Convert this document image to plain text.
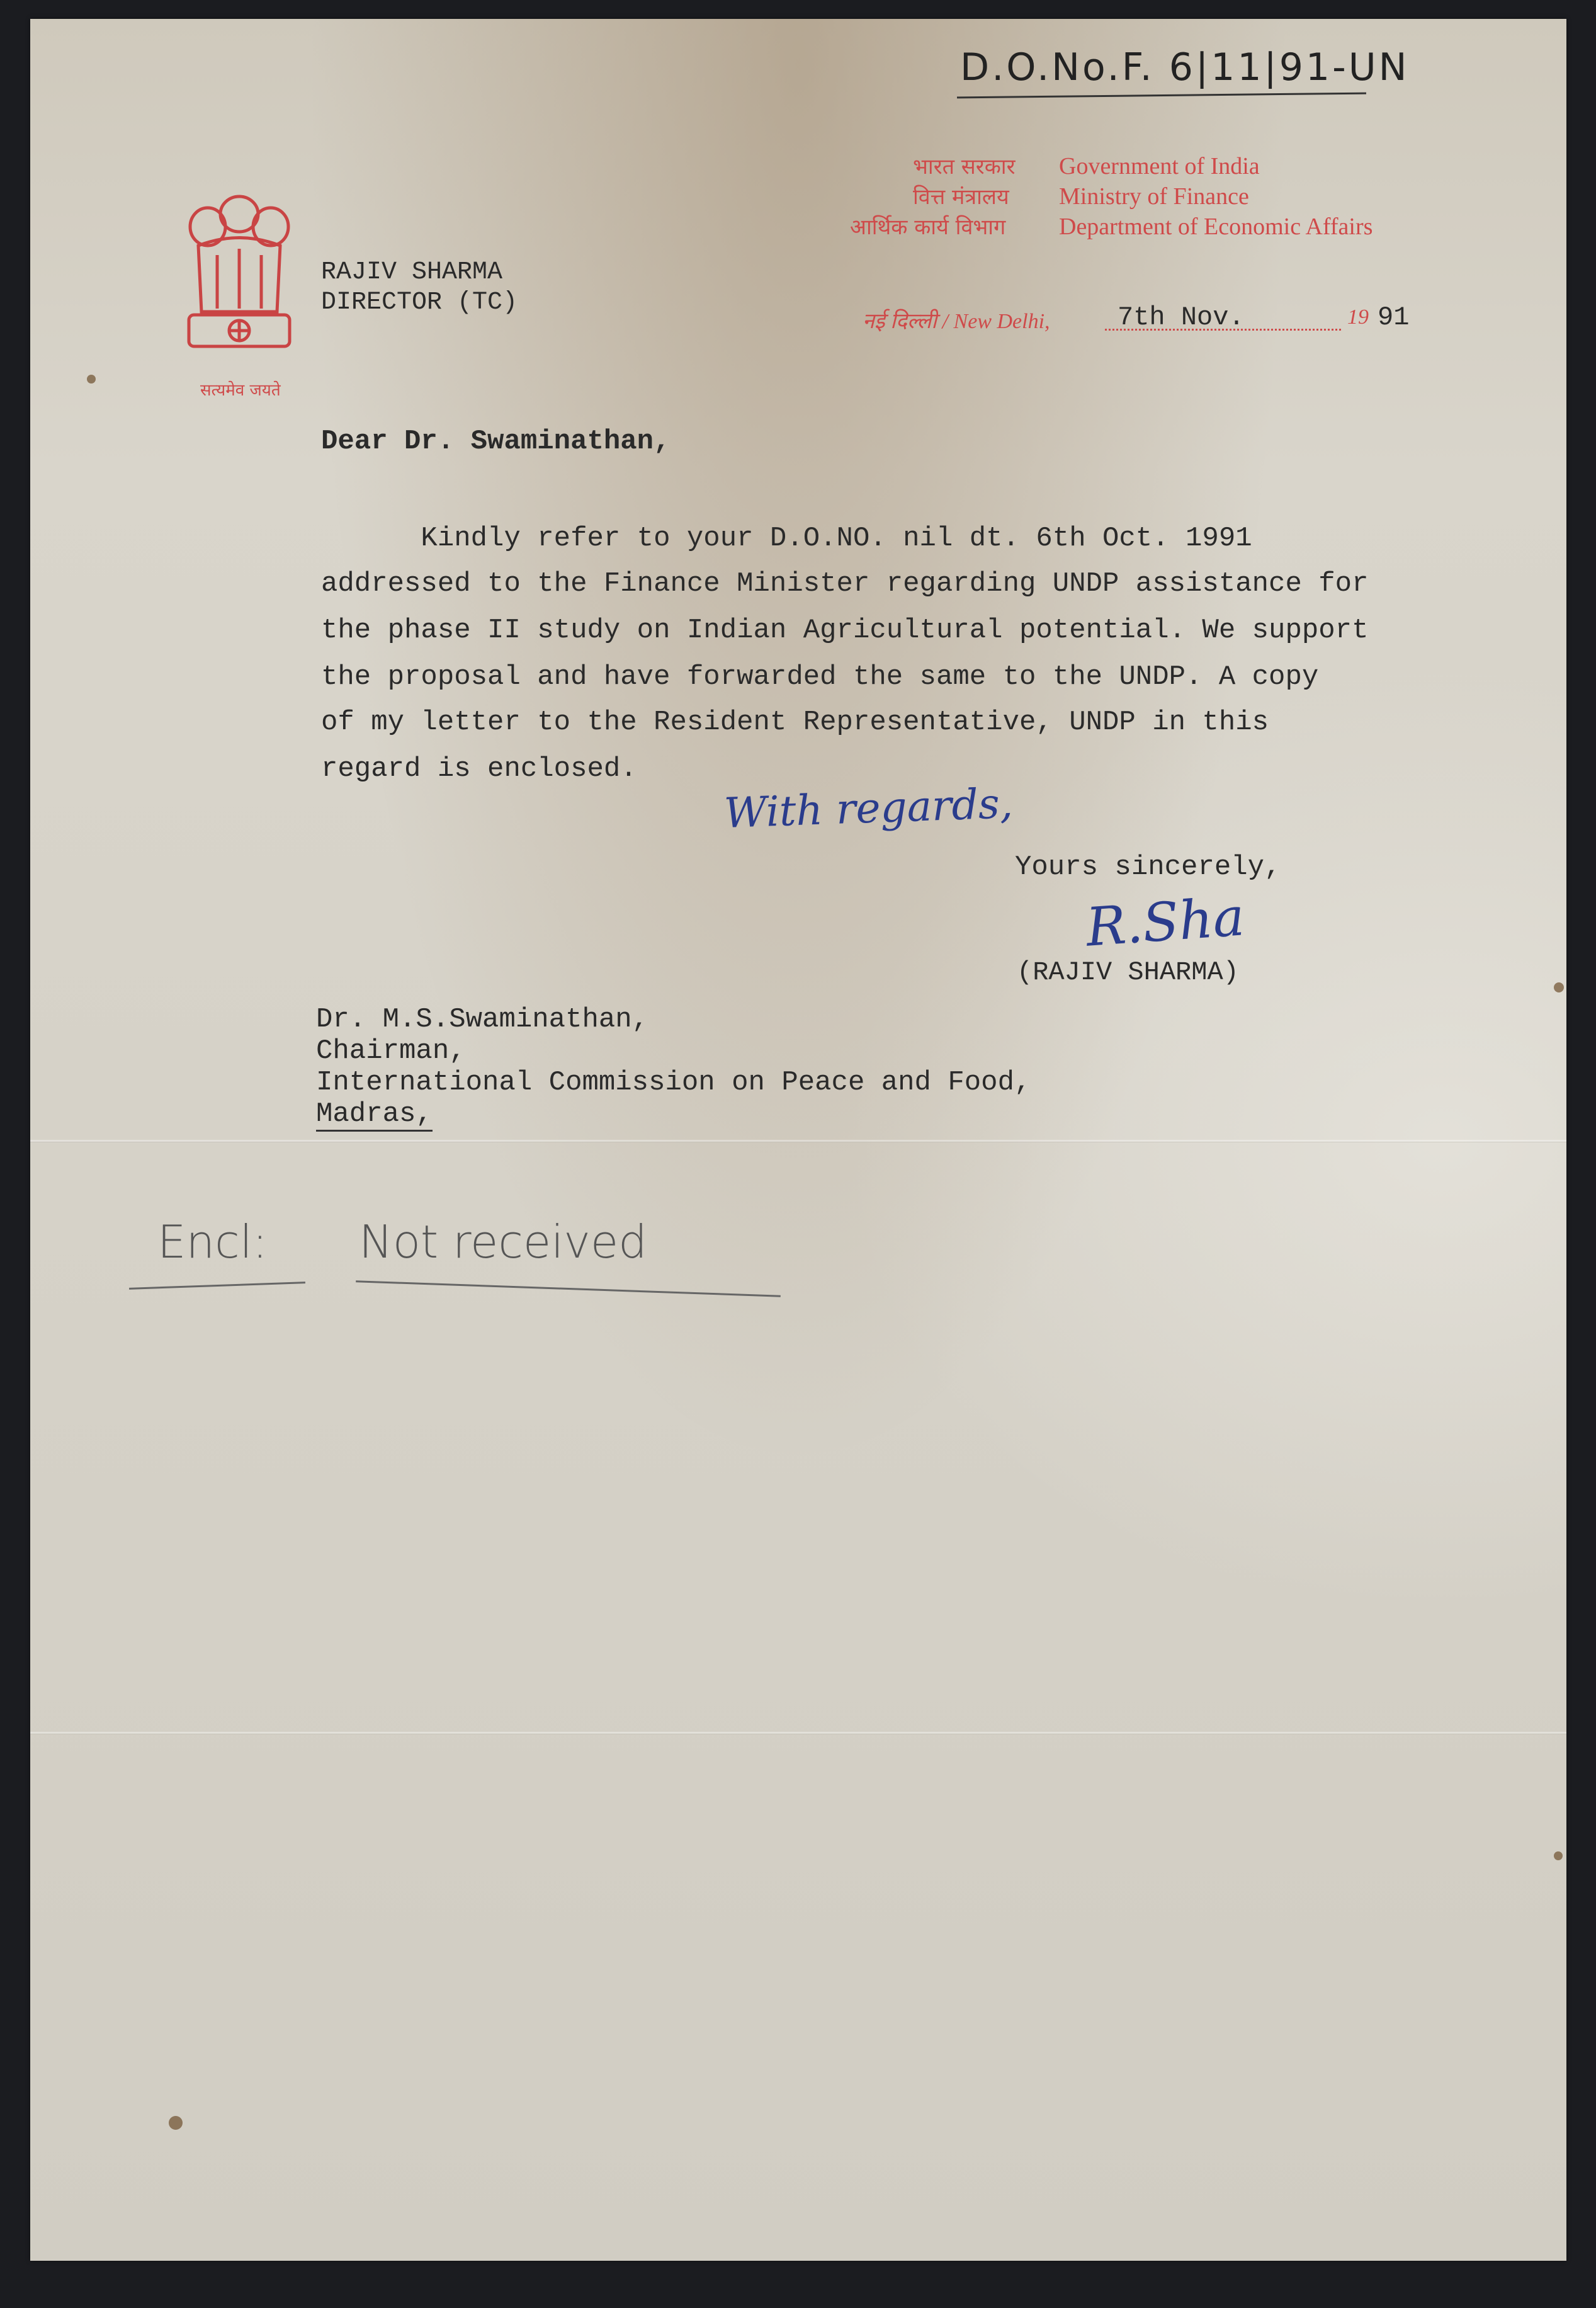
D.O.No.F. 6|11|91-UN
सत्यमेव जयते
भारत सरकार
वित्त मंत्रालय
आर्थिक कार्य विभाग
Government of India
Ministry of Finance
Department of Economic Affairs
RAJIV SHARMA
DIRECTOR (TC)
नई दिल्ली / New Delhi,	7th Nov.	19 91
Dear Dr. Swaminathan,
Kindly refer to your D.O.NO. nil dt. 6th Oct. 1991
addressed to the Finance Minister regarding UNDP assistance for
the phase II study on Indian Agricultural potential. We support
the proposal and have forwarded the same to the UNDP. A copy
of my letter to the Resident Representative, UNDP in this
regard is enclosed.
With regards,
Yours sincerely,
R.Sha
(RAJIV SHARMA)
Dr. M.S.Swaminathan,
Chairman,
International Commission on Peace and Food,
Madras,
Encl: Not received
